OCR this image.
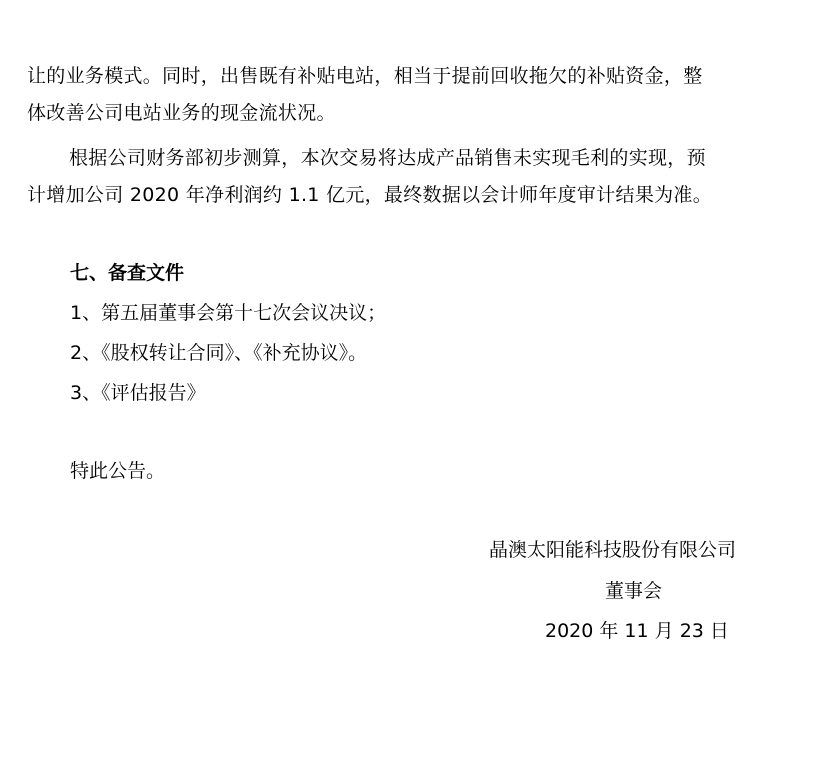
让的业务模式。同时，出售既有补贴电站，相当于提前回收拖欠的补贴资金，整

体改善公司电站业务的现金流状况。

根据公司财务部初步测算，本次交易将达成产品销售未实现毛利的实现，预

计增加公司 2020 年净利润约 1.1 亿元，最终数据以会计师年度审计结果为准。

七、备查文件

1、第五届董事会第十七次会议决议；

2、《股权转让合同》、《补充协议》。

3、《评估报告》

特此公告。

晶澳太阳能科技股份有限公司

董事会

2020 年 11 月 23 日
